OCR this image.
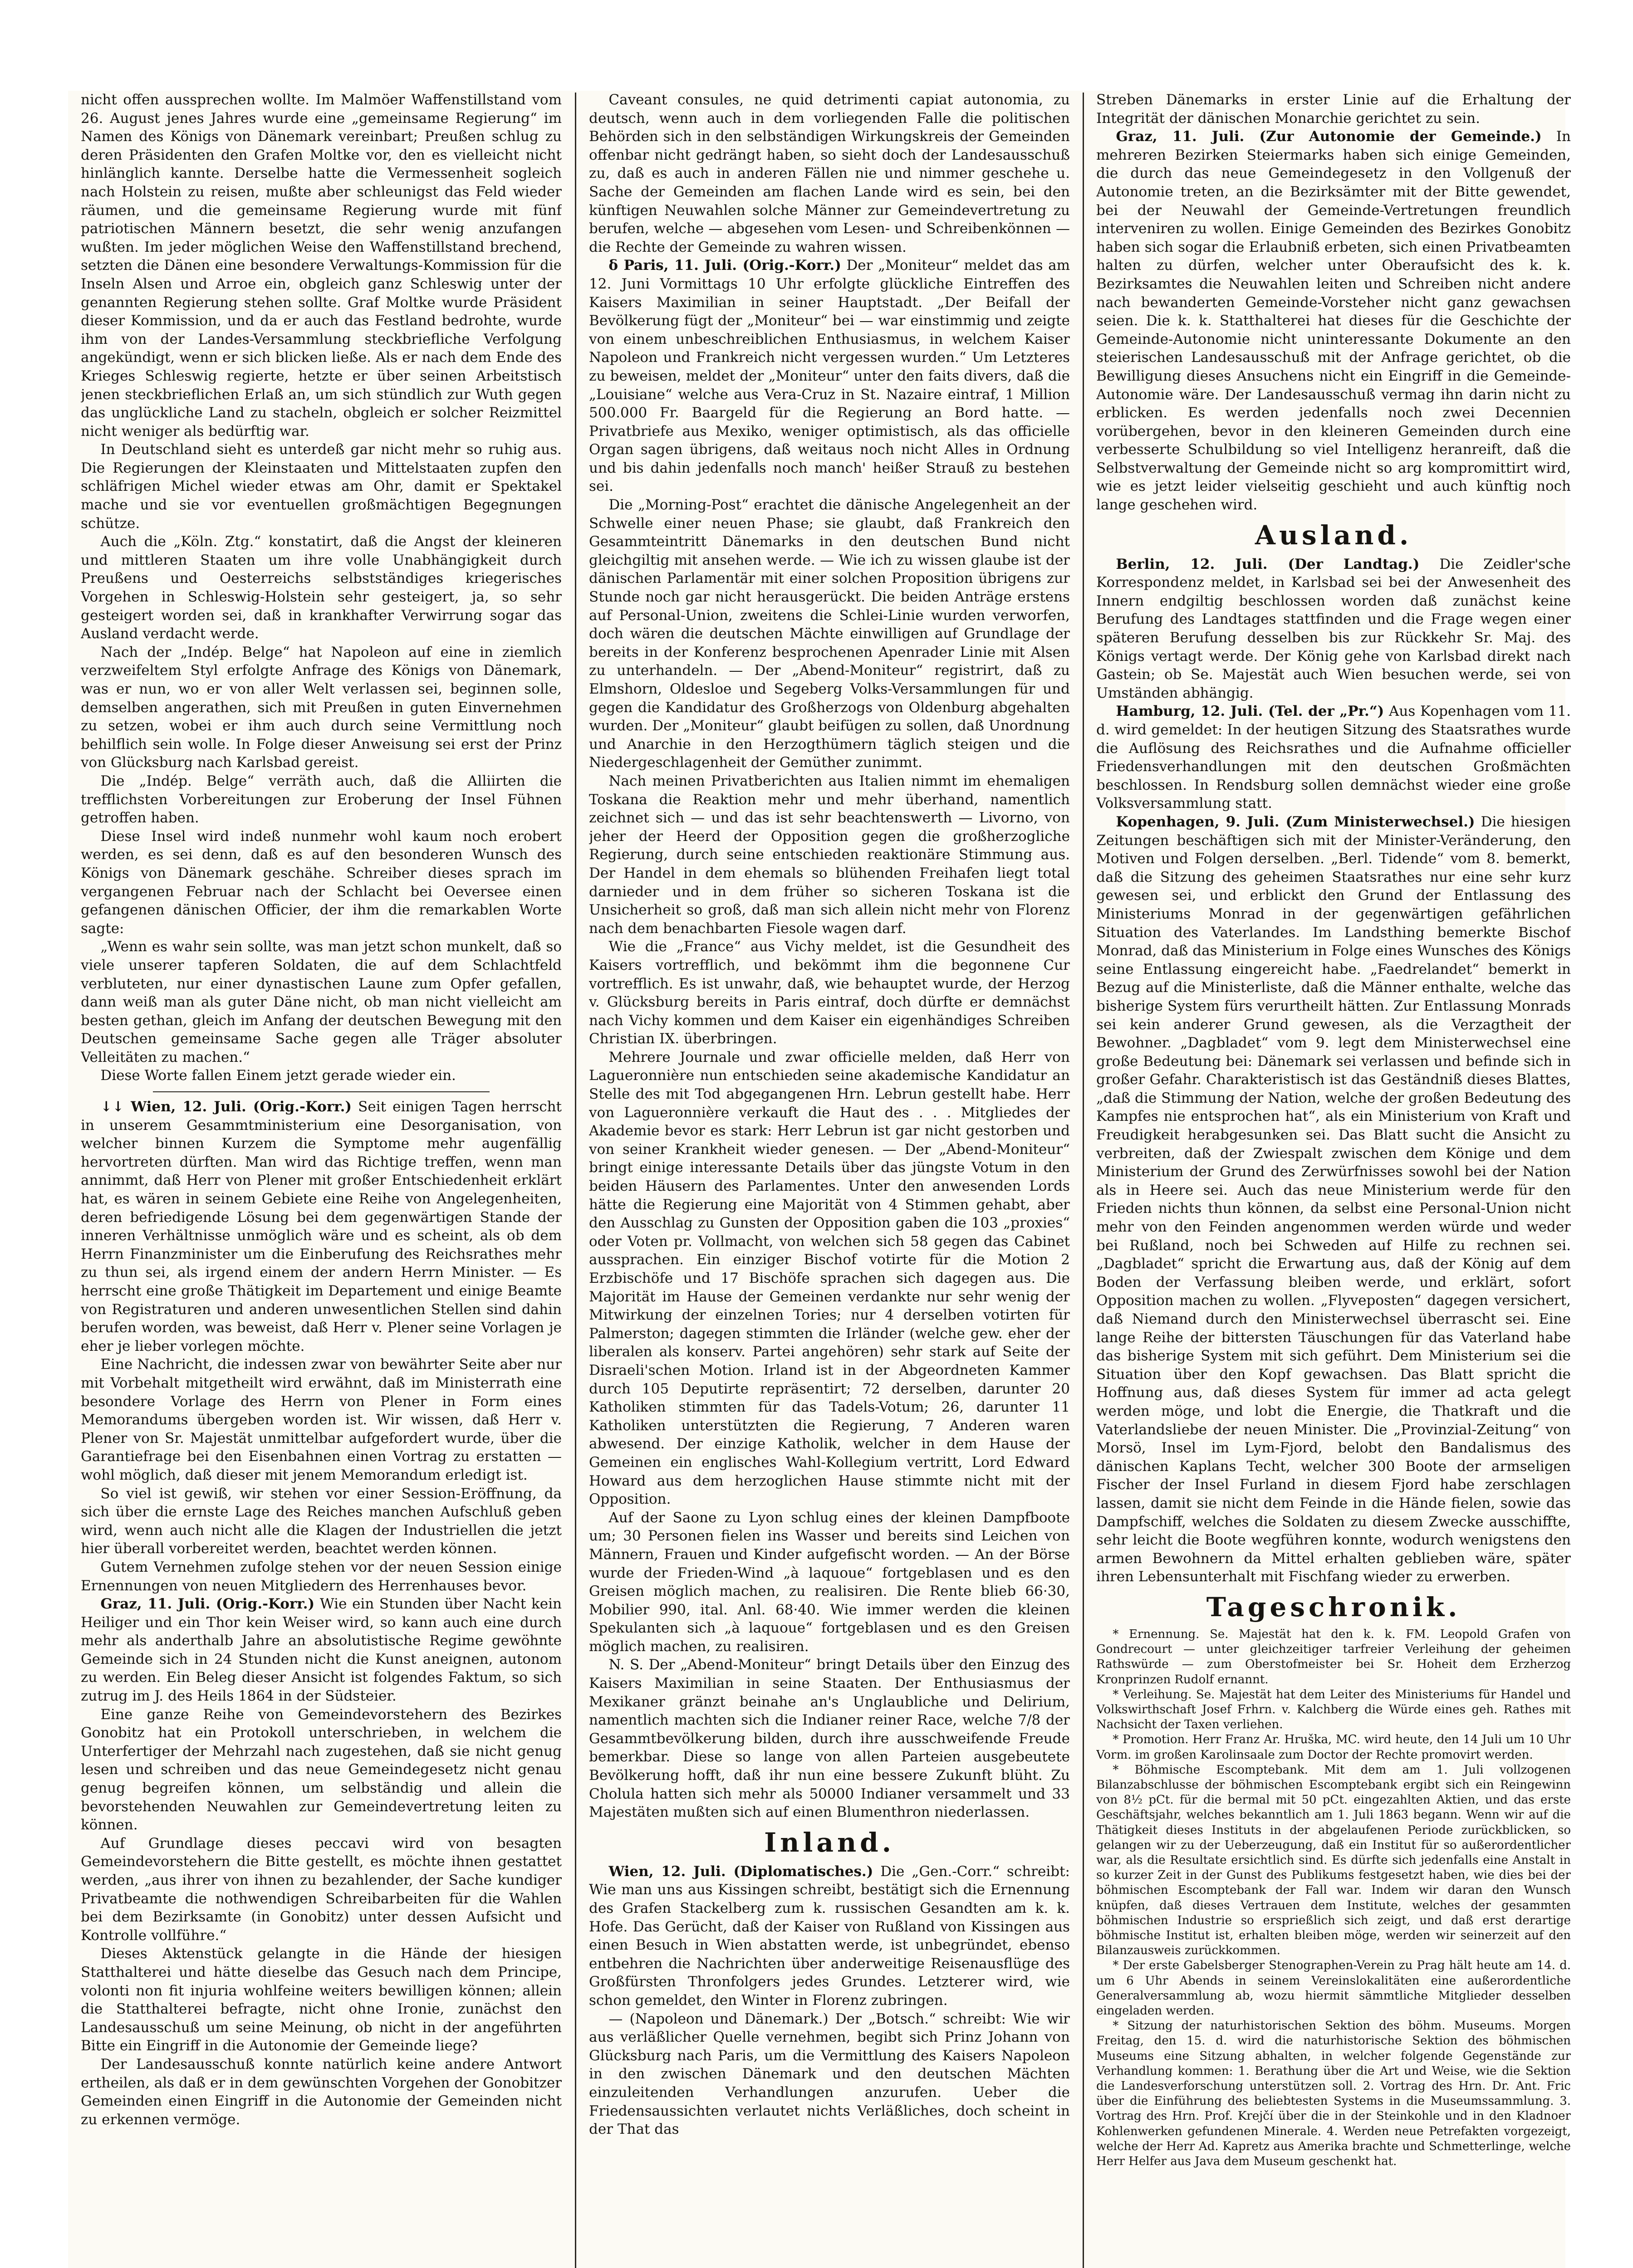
nicht offen aussprechen wollte. Im Malmöer Waffenstillstand vom 26. August jenes Jahres wurde eine „gemeinsame Regierung“ im Namen des Königs von Dänemark vereinbart; Preußen schlug zu deren Präsidenten den Grafen Moltke vor, den es vielleicht nicht hinlänglich kannte. Derselbe hatte die Vermessenheit sogleich nach Holstein zu reisen, mußte aber schleunigst das Feld wieder räumen, und die gemeinsame Regierung wurde mit fünf patriotischen Männern besetzt, die sehr wenig anzufangen wußten. Im jeder möglichen Weise den Waffenstillstand brechend, setzten die Dänen eine besondere Verwaltungs-Kommission für die Inseln Alsen und Arroe ein, obgleich ganz Schleswig unter der genannten Regierung stehen sollte. Graf Moltke wurde Präsident dieser Kommission, und da er auch das Festland bedrohte, wurde ihm von der Landes-Versammlung steckbriefliche Verfolgung angekündigt, wenn er sich blicken ließe. Als er nach dem Ende des Krieges Schleswig regierte, hetzte er über seinen Arbeitstisch jenen steckbrieflichen Erlaß an, um sich stündlich zur Wuth gegen das unglückliche Land zu stacheln, obgleich er solcher Reizmittel nicht weniger als bedürftig war.

In Deutschland sieht es unterdeß gar nicht mehr so ruhig aus. Die Regierungen der Kleinstaaten und Mittelstaaten zupfen den schläfrigen Michel wieder etwas am Ohr, damit er Spektakel mache und sie vor eventuellen großmächtigen Begegnungen schütze.

Auch die „Köln. Ztg.“ konstatirt, daß die Angst der kleineren und mittleren Staaten um ihre volle Unabhängigkeit durch Preußens und Oesterreichs selbstständiges kriegerisches Vorgehen in Schleswig-Holstein sehr gesteigert, ja, so sehr gesteigert worden sei, daß in krankhafter Verwirrung sogar das Ausland verdacht werde.

Nach der „Indép. Belge“ hat Napoleon auf eine in ziemlich verzweifeltem Styl erfolgte Anfrage des Königs von Dänemark, was er nun, wo er von aller Welt verlassen sei, beginnen solle, demselben angerathen, sich mit Preußen in guten Einvernehmen zu setzen, wobei er ihm auch durch seine Vermittlung noch behilflich sein wolle. In Folge dieser Anweisung sei erst der Prinz von Glücksburg nach Karlsbad gereist.

Die „Indép. Belge“ verräth auch, daß die Alliirten die trefflichsten Vorbereitungen zur Eroberung der Insel Fühnen getroffen haben.

Diese Insel wird indeß nunmehr wohl kaum noch erobert werden, es sei denn, daß es auf den besonderen Wunsch des Königs von Dänemark geschähe. Schreiber dieses sprach im vergangenen Februar nach der Schlacht bei Oeversee einen gefangenen dänischen Officier, der ihm die remarkablen Worte sagte:

„Wenn es wahr sein sollte, was man jetzt schon munkelt, daß so viele unserer tapferen Soldaten, die auf dem Schlachtfeld verbluteten, nur einer dynastischen Laune zum Opfer gefallen, dann weiß man als guter Däne nicht, ob man nicht vielleicht am besten gethan, gleich im Anfang der deutschen Bewegung mit den Deutschen gemeinsame Sache gegen alle Träger absoluter Velleitäten zu machen.“

Diese Worte fallen Einem jetzt gerade wieder ein.

↓↓ Wien, 12. Juli. (Orig.-Korr.) Seit einigen Tagen herrscht in unserem Gesammtministerium eine Desorganisation, von welcher binnen Kurzem die Symptome mehr augenfällig hervortreten dürften. Man wird das Richtige treffen, wenn man annimmt, daß Herr von Plener mit großer Entschiedenheit erklärt hat, es wären in seinem Gebiete eine Reihe von Angelegenheiten, deren befriedigende Lösung bei dem gegenwärtigen Stande der inneren Verhältnisse unmöglich wäre und es scheint, als ob dem Herrn Finanzminister um die Einberufung des Reichsrathes mehr zu thun sei, als irgend einem der andern Herrn Minister. — Es herrscht eine große Thätigkeit im Departement und einige Beamte von Registraturen und anderen unwesentlichen Stellen sind dahin berufen worden, was beweist, daß Herr v. Plener seine Vorlagen je eher je lieber vorlegen möchte.

Eine Nachricht, die indessen zwar von bewährter Seite aber nur mit Vorbehalt mitgetheilt wird erwähnt, daß im Ministerrath eine besondere Vorlage des Herrn von Plener in Form eines Memorandums übergeben worden ist. Wir wissen, daß Herr v. Plener von Sr. Majestät unmittelbar aufgefordert wurde, über die Garantiefrage bei den Eisenbahnen einen Vortrag zu erstatten — wohl möglich, daß dieser mit jenem Memorandum erledigt ist.

So viel ist gewiß, wir stehen vor einer Session-Eröffnung, da sich über die ernste Lage des Reiches manchen Aufschluß geben wird, wenn auch nicht alle die Klagen der Industriellen die jetzt hier überall vorbereitet werden, beachtet werden können.

Gutem Vernehmen zufolge stehen vor der neuen Session einige Ernennungen von neuen Mitgliedern des Herrenhauses bevor.

Graz, 11. Juli. (Orig.-Korr.) Wie ein Stunden über Nacht kein Heiliger und ein Thor kein Weiser wird, so kann auch eine durch mehr als anderthalb Jahre an absolutistische Regime gewöhnte Gemeinde sich in 24 Stunden nicht die Kunst aneignen, autonom zu werden. Ein Beleg dieser Ansicht ist folgendes Faktum, so sich zutrug im J. des Heils 1864 in der Südsteier.

Eine ganze Reihe von Gemeindevorstehern des Bezirkes Gonobitz hat ein Protokoll unterschrieben, in welchem die Unterfertiger der Mehrzahl nach zugestehen, daß sie nicht genug lesen und schreiben und das neue Gemeindegesetz nicht genau genug begreifen können, um selbständig und allein die bevorstehenden Neuwahlen zur Gemeindevertretung leiten zu können.

Auf Grundlage dieses peccavi wird von besagten Gemeindevorstehern die Bitte gestellt, es möchte ihnen gestattet werden, „aus ihrer von ihnen zu bezahlender, der Sache kundiger Privatbeamte die nothwendigen Schreibarbeiten für die Wahlen bei dem Bezirksamte (in Gonobitz) unter dessen Aufsicht und Kontrolle vollführe.“

Dieses Aktenstück gelangte in die Hände der hiesigen Statthalterei und hätte dieselbe das Gesuch nach dem Principe, volonti non fit injuria wohlfeine weiters bewilligen können; allein die Statthalterei befragte, nicht ohne Ironie, zunächst den Landesausschuß um seine Meinung, ob nicht in der angeführten Bitte ein Eingriff in die Autonomie der Gemeinde liege?

Der Landesausschuß konnte natürlich keine andere Antwort ertheilen, als daß er in dem gewünschten Vorgehen der Gonobitzer Gemeinden einen Eingriff in die Autonomie der Gemeinden nicht zu erkennen vermöge.

Caveant consules, ne quid detrimenti capiat autonomia, zu deutsch, wenn auch in dem vorliegenden Falle die politischen Behörden sich in den selbständigen Wirkungskreis der Gemeinden offenbar nicht gedrängt haben, so sieht doch der Landesausschuß zu, daß es auch in anderen Fällen nie und nimmer geschehe u. Sache der Gemeinden am flachen Lande wird es sein, bei den künftigen Neuwahlen solche Männer zur Gemeindevertretung zu berufen, welche — abgesehen vom Lesen- und Schreibenkönnen — die Rechte der Gemeinde zu wahren wissen.

δ Paris, 11. Juli. (Orig.-Korr.) Der „Moniteur“ meldet das am 12. Juni Vormittags 10 Uhr erfolgte glückliche Eintreffen des Kaisers Maximilian in seiner Hauptstadt. „Der Beifall der Bevölkerung fügt der „Moniteur“ bei — war einstimmig und zeigte von einem unbeschreiblichen Enthusiasmus, in welchem Kaiser Napoleon und Frankreich nicht vergessen wurden.“ Um Letzteres zu beweisen, meldet der „Moniteur“ unter den faits divers, daß die „Louisiane“ welche aus Vera-Cruz in St. Nazaire eintraf, 1 Million 500.000 Fr. Baargeld für die Regierung an Bord hatte. — Privatbriefe aus Mexiko, weniger optimistisch, als das officielle Organ sagen übrigens, daß weitaus noch nicht Alles in Ordnung und bis dahin jedenfalls noch manch' heißer Strauß zu bestehen sei.

Die „Morning-Post“ erachtet die dänische Angelegenheit an der Schwelle einer neuen Phase; sie glaubt, daß Frankreich den Gesammteintritt Dänemarks in den deutschen Bund nicht gleichgiltig mit ansehen werde. — Wie ich zu wissen glaube ist der dänischen Parlamentär mit einer solchen Proposition übrigens zur Stunde noch gar nicht herausgerückt. Die beiden Anträge erstens auf Personal-Union, zweitens die Schlei-Linie wurden verworfen, doch wären die deutschen Mächte einwilligen auf Grundlage der bereits in der Konferenz besprochenen Apenrader Linie mit Alsen zu unterhandeln. — Der „Abend-Moniteur“ registrirt, daß zu Elmshorn, Oldesloe und Segeberg Volks-Versammlungen für und gegen die Kandidatur des Großherzogs von Oldenburg abgehalten wurden. Der „Moniteur“ glaubt beifügen zu sollen, daß Unordnung und Anarchie in den Herzogthümern täglich steigen und die Niedergeschlagenheit der Gemüther zunimmt.

Nach meinen Privatberichten aus Italien nimmt im ehemaligen Toskana die Reaktion mehr und mehr überhand, namentlich zeichnet sich — und das ist sehr beachtenswerth — Livorno, von jeher der Heerd der Opposition gegen die großherzogliche Regierung, durch seine entschieden reaktionäre Stimmung aus. Der Handel in dem ehemals so blühenden Freihafen liegt total darnieder und in dem früher so sicheren Toskana ist die Unsicherheit so groß, daß man sich allein nicht mehr von Florenz nach dem benachbarten Fiesole wagen darf.

Wie die „France“ aus Vichy meldet, ist die Gesundheit des Kaisers vortrefflich, und bekömmt ihm die begonnene Cur vortrefflich. Es ist unwahr, daß, wie behauptet wurde, der Herzog v. Glücksburg bereits in Paris eintraf, doch dürfte er demnächst nach Vichy kommen und dem Kaiser ein eigenhändiges Schreiben Christian IX. überbringen.

Mehrere Journale und zwar officielle melden, daß Herr von Lagueronnière nun entschieden seine akademische Kandidatur an Stelle des mit Tod abgegangenen Hrn. Lebrun gestellt habe. Herr von Lagueronnière verkauft die Haut des . . . Mitgliedes der Akademie bevor es stark: Herr Lebrun ist gar nicht gestorben und von seiner Krankheit wieder genesen. — Der „Abend-Moniteur“ bringt einige interessante Details über das jüngste Votum in den beiden Häusern des Parlamentes. Unter den anwesenden Lords hätte die Regierung eine Majorität von 4 Stimmen gehabt, aber den Ausschlag zu Gunsten der Opposition gaben die 103 „proxies“ oder Voten pr. Vollmacht, von welchen sich 58 gegen das Cabinet aussprachen. Ein einziger Bischof votirte für die Motion 2 Erzbischöfe und 17 Bischöfe sprachen sich dagegen aus. Die Majorität im Hause der Gemeinen verdankte nur sehr wenig der Mitwirkung der einzelnen Tories; nur 4 derselben votirten für Palmerston; dagegen stimmten die Irländer (welche gew. eher der liberalen als konserv. Partei angehören) sehr stark auf Seite der Disraeli'schen Motion. Irland ist in der Abgeordneten Kammer durch 105 Deputirte repräsentirt; 72 derselben, darunter 20 Katholiken stimmten für das Tadels-Votum; 26, darunter 11 Katholiken unterstützten die Regierung, 7 Anderen waren abwesend. Der einzige Katholik, welcher in dem Hause der Gemeinen ein englisches Wahl-Kollegium vertritt, Lord Edward Howard aus dem herzoglichen Hause stimmte nicht mit der Opposition.

Auf der Saone zu Lyon schlug eines der kleinen Dampfboote um; 30 Personen fielen ins Wasser und bereits sind Leichen von Männern, Frauen und Kinder aufgefischt worden. — An der Börse wurde der Frieden-Wind „à laquoue“ fortgeblasen und es den Greisen möglich machen, zu realisiren. Die Rente blieb 66·30, Mobilier 990, ital. Anl. 68·40. Wie immer werden die kleinen Spekulanten sich „à laquoue“ fortgeblasen und es den Greisen möglich machen, zu realisiren.

N. S. Der „Abend-Moniteur“ bringt Details über den Einzug des Kaisers Maximilian in seine Staaten. Der Enthusiasmus der Mexikaner gränzt beinahe an's Unglaubliche und Delirium, namentlich machten sich die Indianer reiner Race, welche 7/8 der Gesammtbevölkerung bilden, durch ihre ausschweifende Freude bemerkbar. Diese so lange von allen Parteien ausgebeutete Bevölkerung hofft, daß ihr nun eine bessere Zukunft blüht. Zu Cholula hatten sich mehr als 50000 Indianer versammelt und 33 Majestäten mußten sich auf einen Blumenthron niederlassen.

Inland.

Wien, 12. Juli. (Diplomatisches.) Die „Gen.-Corr.“ schreibt: Wie man uns aus Kissingen schreibt, bestätigt sich die Ernennung des Grafen Stackelberg zum k. russischen Gesandten am k. k. Hofe. Das Gerücht, daß der Kaiser von Rußland von Kissingen aus einen Besuch in Wien abstatten werde, ist unbegründet, ebenso entbehren die Nachrichten über anderweitige Reisenausflüge des Großfürsten Thronfolgers jedes Grundes. Letzterer wird, wie schon gemeldet, den Winter in Florenz zubringen.

— (Napoleon und Dänemark.) Der „Botsch.“ schreibt: Wie wir aus verläßlicher Quelle vernehmen, begibt sich Prinz Johann von Glücksburg nach Paris, um die Vermittlung des Kaisers Napoleon in den zwischen Dänemark und den deutschen Mächten einzuleitenden Verhandlungen anzurufen. Ueber die Friedensaussichten verlautet nichts Verläßliches, doch scheint in der That das

Streben Dänemarks in erster Linie auf die Erhaltung der Integrität der dänischen Monarchie gerichtet zu sein.

Graz, 11. Juli. (Zur Autonomie der Gemeinde.) In mehreren Bezirken Steiermarks haben sich einige Gemeinden, die durch das neue Gemeindegesetz in den Vollgenuß der Autonomie treten, an die Bezirksämter mit der Bitte gewendet, bei der Neuwahl der Gemeinde-Vertretungen freundlich interveniren zu wollen. Einige Gemeinden des Bezirkes Gonobitz haben sich sogar die Erlaubniß erbeten, sich einen Privatbeamten halten zu dürfen, welcher unter Oberaufsicht des k. k. Bezirksamtes die Neuwahlen leiten und Schreiben nicht andere nach bewanderten Gemeinde-Vorsteher nicht ganz gewachsen seien. Die k. k. Statthalterei hat dieses für die Geschichte der Gemeinde-Autonomie nicht uninteressante Dokumente an den steierischen Landesausschuß mit der Anfrage gerichtet, ob die Bewilligung dieses Ansuchens nicht ein Eingriff in die Gemeinde-Autonomie wäre. Der Landesausschuß vermag ihn darin nicht zu erblicken. Es werden jedenfalls noch zwei Decennien vorübergehen, bevor in den kleineren Gemeinden durch eine verbesserte Schulbildung so viel Intelligenz heranreift, daß die Selbstverwaltung der Gemeinde nicht so arg kompromittirt wird, wie es jetzt leider vielseitig geschieht und auch künftig noch lange geschehen wird.

Ausland.

Berlin, 12. Juli. (Der Landtag.) Die Zeidler'sche Korrespondenz meldet, in Karlsbad sei bei der Anwesenheit des Innern endgiltig beschlossen worden daß zunächst keine Berufung des Landtages stattfinden und die Frage wegen einer späteren Berufung desselben bis zur Rückkehr Sr. Maj. des Königs vertagt werde. Der König gehe von Karlsbad direkt nach Gastein; ob Se. Majestät auch Wien besuchen werde, sei von Umständen abhängig.

Hamburg, 12. Juli. (Tel. der „Pr.“) Aus Kopenhagen vom 11. d. wird gemeldet: In der heutigen Sitzung des Staatsrathes wurde die Auflösung des Reichsrathes und die Aufnahme officieller Friedensverhandlungen mit den deutschen Großmächten beschlossen. In Rendsburg sollen demnächst wieder eine große Volksversammlung statt.

Kopenhagen, 9. Juli. (Zum Ministerwechsel.) Die hiesigen Zeitungen beschäftigen sich mit der Minister-Veränderung, den Motiven und Folgen derselben. „Berl. Tidende“ vom 8. bemerkt, daß die Sitzung des geheimen Staatsrathes nur eine sehr kurz gewesen sei, und erblickt den Grund der Entlassung des Ministeriums Monrad in der gegenwärtigen gefährlichen Situation des Vaterlandes. Im Landsthing bemerkte Bischof Monrad, daß das Ministerium in Folge eines Wunsches des Königs seine Entlassung eingereicht habe. „Faedrelandet“ bemerkt in Bezug auf die Ministerliste, daß die Männer enthalte, welche das bisherige System fürs verurtheilt hätten. Zur Entlassung Monrads sei kein anderer Grund gewesen, als die Verzagtheit der Bewohner. „Dagbladet“ vom 9. legt dem Ministerwechsel eine große Bedeutung bei: Dänemark sei verlassen und befinde sich in großer Gefahr. Charakteristisch ist das Geständniß dieses Blattes, „daß die Stimmung der Nation, welche der großen Bedeutung des Kampfes nie entsprochen hat“, als ein Ministerium von Kraft und Freudigkeit herabgesunken sei. Das Blatt sucht die Ansicht zu verbreiten, daß der Zwiespalt zwischen dem Könige und dem Ministerium der Grund des Zerwürfnisses sowohl bei der Nation als in Heere sei. Auch das neue Ministerium werde für den Frieden nichts thun können, da selbst eine Personal-Union nicht mehr von den Feinden angenommen werden würde und weder bei Rußland, noch bei Schweden auf Hilfe zu rechnen sei. „Dagbladet“ spricht die Erwartung aus, daß der König auf dem Boden der Verfassung bleiben werde, und erklärt, sofort Opposition machen zu wollen. „Flyveposten“ dagegen versichert, daß Niemand durch den Ministerwechsel überrascht sei. Eine lange Reihe der bittersten Täuschungen für das Vaterland habe das bisherige System mit sich geführt. Dem Ministerium sei die Situation über den Kopf gewachsen. Das Blatt spricht die Hoffnung aus, daß dieses System für immer ad acta gelegt werden möge, und lobt die Energie, die Thatkraft und die Vaterlandsliebe der neuen Minister. Die „Provinzial-Zeitung“ von Morsö, Insel im Lym-Fjord, belobt den Bandalismus des dänischen Kaplans Techt, welcher 300 Boote der armseligen Fischer der Insel Furland in diesem Fjord habe zerschlagen lassen, damit sie nicht dem Feinde in die Hände fielen, sowie das Dampfschiff, welches die Soldaten zu diesem Zwecke ausschiffte, sehr leicht die Boote wegführen konnte, wodurch wenigstens den armen Bewohnern da Mittel erhalten geblieben wäre, später ihren Lebensunterhalt mit Fischfang wieder zu erwerben.

Tageschronik.

* Ernennung. Se. Majestät hat den k. k. FM. Leopold Grafen von Gondrecourt — unter gleichzeitiger tarfreier Verleihung der geheimen Rathswürde — zum Oberstofmeister bei Sr. Hoheit dem Erzherzog Kronprinzen Rudolf ernannt.

* Verleihung. Se. Majestät hat dem Leiter des Ministeriums für Handel und Volkswirthschaft Josef Frhrn. v. Kalchberg die Würde eines geh. Rathes mit Nachsicht der Taxen verliehen.

* Promotion. Herr Franz Ar. Hruška, MC. wird heute, den 14 Juli um 10 Uhr Vorm. im großen Karolinsaale zum Doctor der Rechte promovirt werden.

* Böhmische Escomptebank. Mit dem am 1. Juli vollzogenen Bilanzabschlusse der böhmischen Escomptebank ergibt sich ein Reingewinn von 8½ pCt. für die bermal mit 50 pCt. eingezahlten Aktien, und das erste Geschäftsjahr, welches bekanntlich am 1. Juli 1863 begann. Wenn wir auf die Thätigkeit dieses Instituts in der abgelaufenen Periode zurückblicken, so gelangen wir zu der Ueberzeugung, daß ein Institut für so außerordentlicher war, als die Resultate ersichtlich sind. Es dürfte sich jedenfalls eine Anstalt in so kurzer Zeit in der Gunst des Publikums festgesetzt haben, wie dies bei der böhmischen Escomptebank der Fall war. Indem wir daran den Wunsch knüpfen, daß dieses Vertrauen dem Institute, welches der gesammten böhmischen Industrie so ersprießlich sich zeigt, und daß erst derartige böhmische Institut ist, erhalten bleiben möge, werden wir seinerzeit auf den Bilanzausweis zurückkommen.

* Der erste Gabelsberger Stenographen-Verein zu Prag hält heute am 14. d. um 6 Uhr Abends in seinem Vereinslokalitäten eine außerordentliche Generalversammlung ab, wozu hiermit sämmtliche Mitglieder desselben eingeladen werden.

* Sitzung der naturhistorischen Sektion des böhm. Museums. Morgen Freitag, den 15. d. wird die naturhistorische Sektion des böhmischen Museums eine Sitzung abhalten, in welcher folgende Gegenstände zur Verhandlung kommen: 1. Berathung über die Art und Weise, wie die Sektion die Landesverforschung unterstützen soll. 2. Vortrag des Hrn. Dr. Ant. Fric über die Einführung des beliebtesten Systems in die Museumssammlung. 3. Vortrag des Hrn. Prof. Krejčí über die in der Steinkohle und in den Kladnoer Kohlenwerken gefundenen Minerale. 4. Werden neue Petrefakten vorgezeigt, welche der Herr Ad. Kapretz aus Amerika brachte und Schmetterlinge, welche Herr Helfer aus Java dem Museum geschenkt hat.
